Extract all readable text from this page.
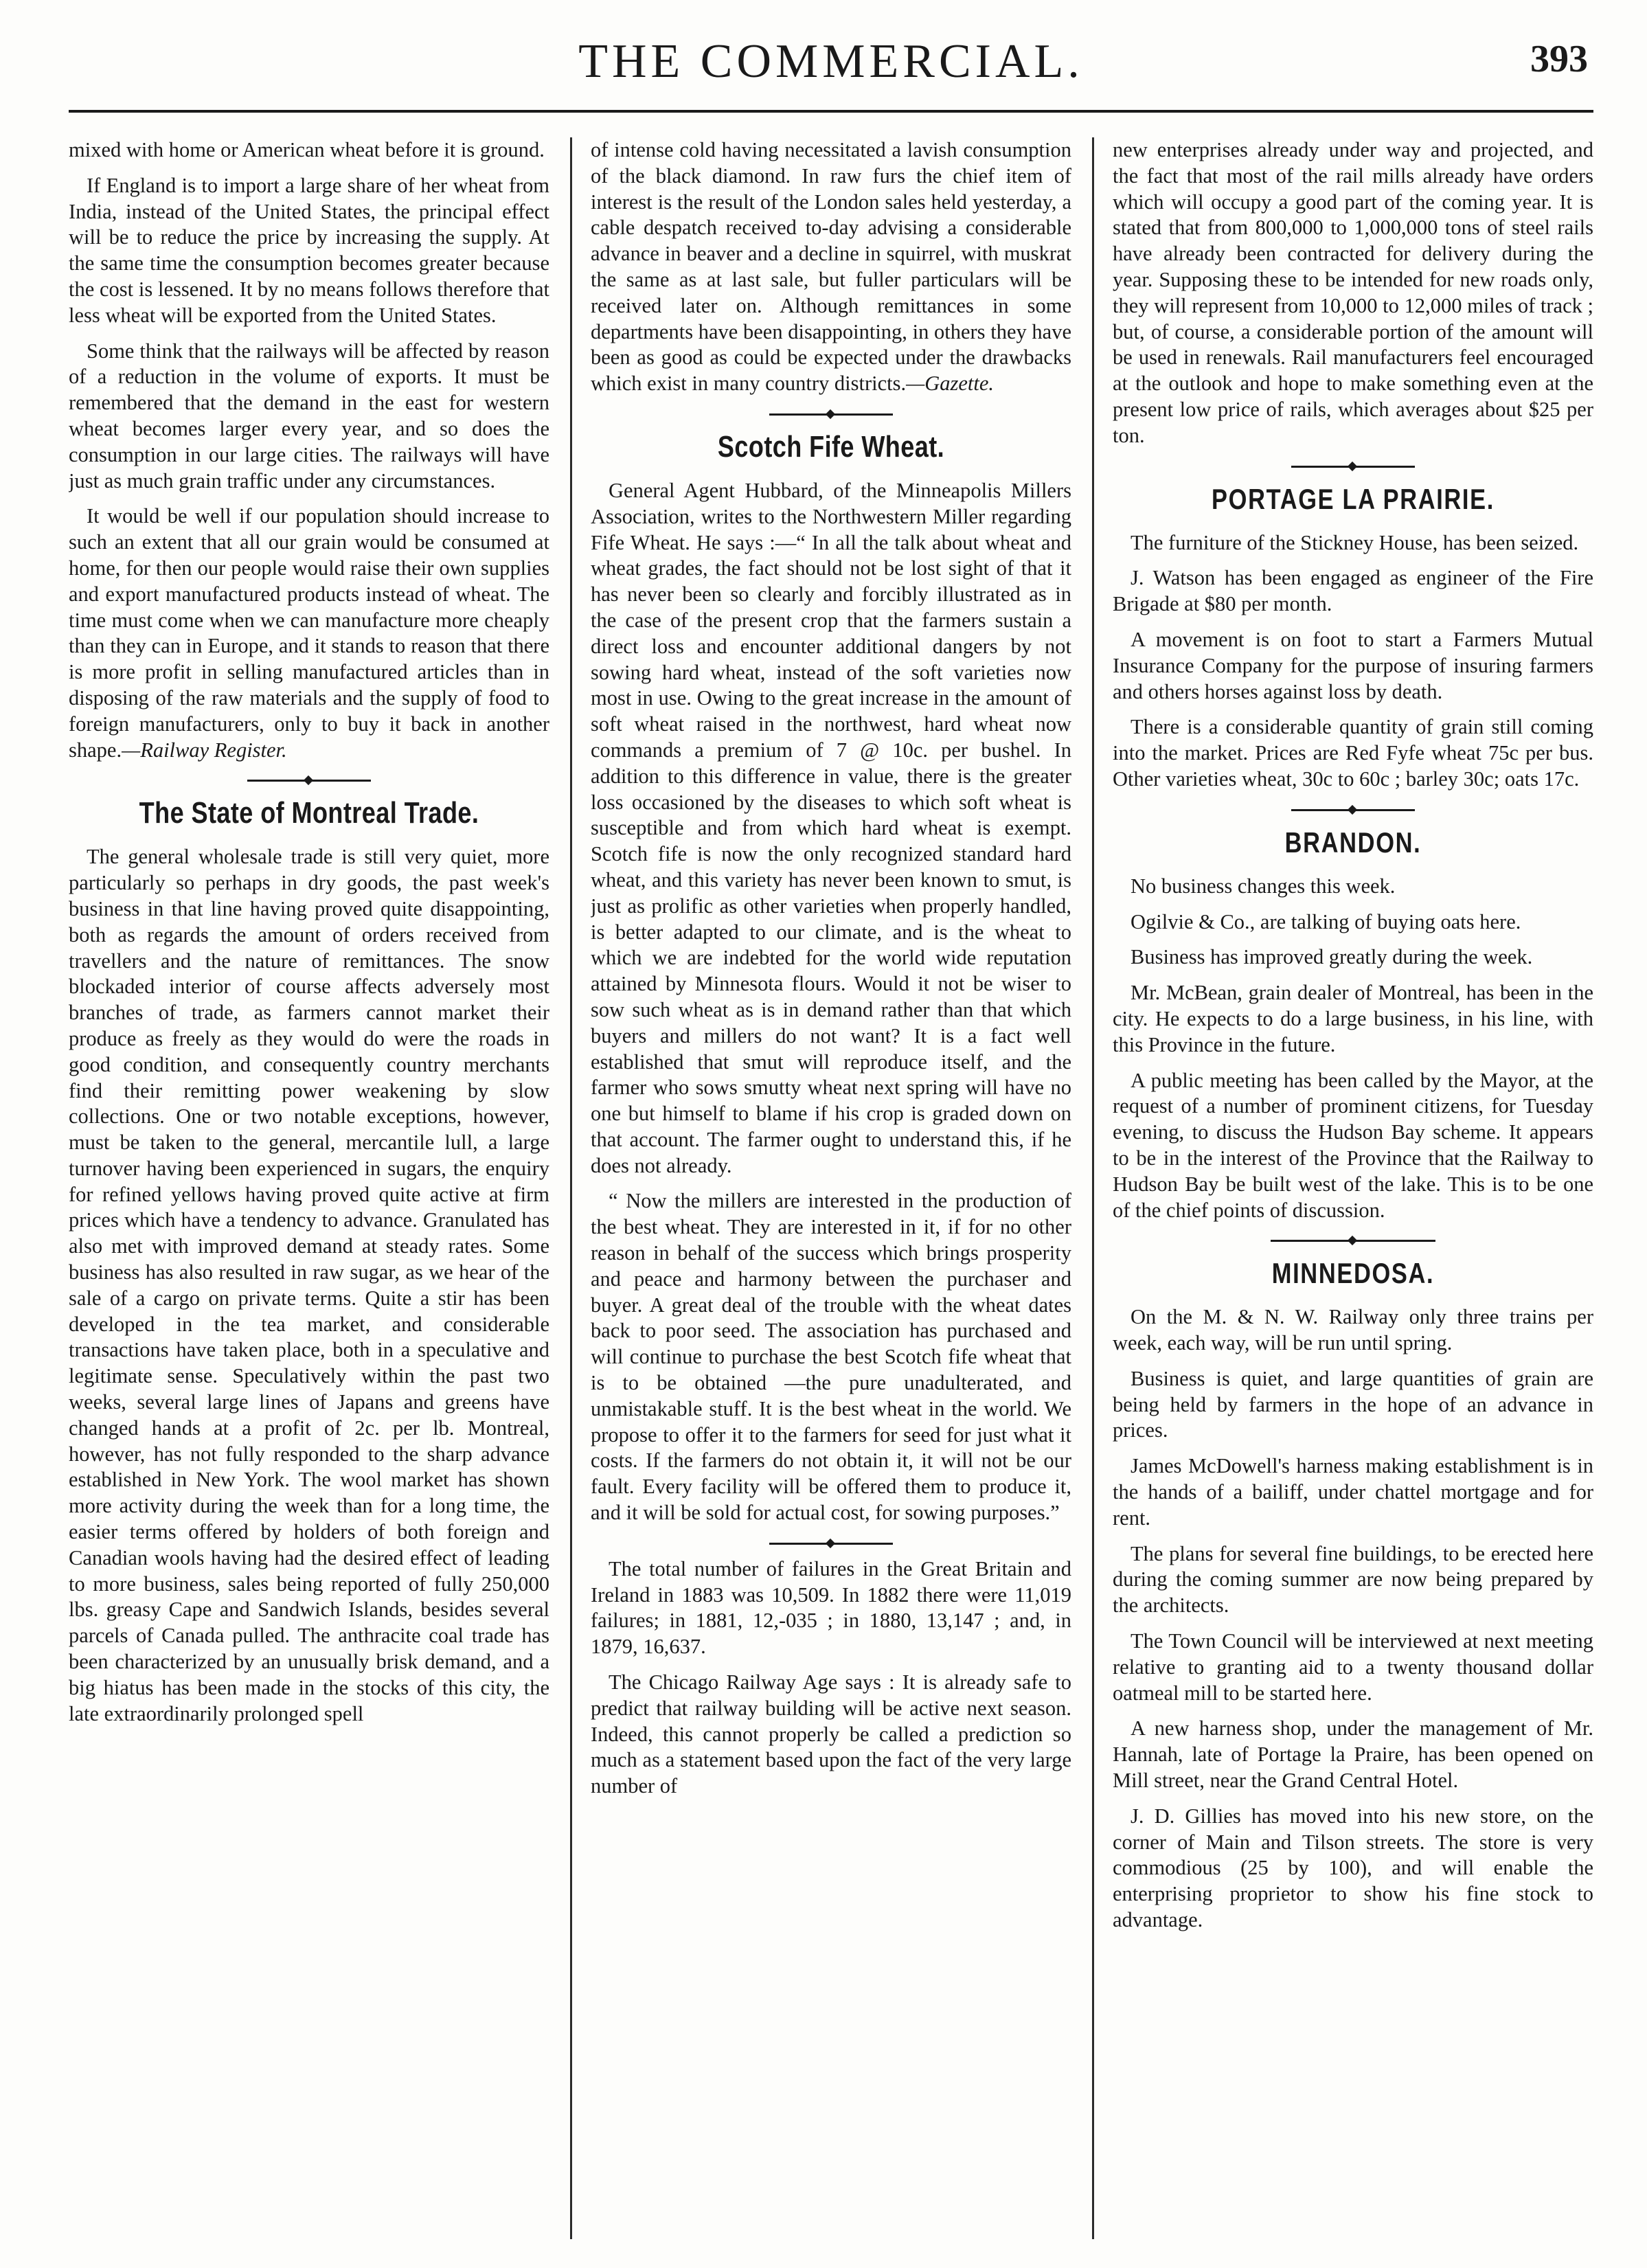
THE COMMERCIAL.	393

mixed with home or American wheat before it is ground.

If England is to import a large share of her wheat from India, instead of the United States, the principal effect will be to reduce the price by increasing the supply. At the same time the consumption becomes greater because the cost is lessened. It by no means follows therefore that less wheat will be exported from the United States.

Some think that the railways will be affected by reason of a reduction in the volume of exports. It must be remembered that the demand in the east for western wheat becomes larger every year, and so does the consumption in our large cities. The railways will have just as much grain traffic under any circumstances.

It would be well if our population should increase to such an extent that all our grain would be consumed at home, for then our people would raise their own supplies and export manufactured products instead of wheat. The time must come when we can manufacture more cheaply than they can in Europe, and it stands to reason that there is more profit in selling manufactured articles than in disposing of the raw materials and the supply of food to foreign manufacturers, only to buy it back in another shape.—Railway Register.

The State of Montreal Trade.

The general wholesale trade is still very quiet, more particularly so perhaps in dry goods, the past week's business in that line having proved quite disappointing, both as regards the amount of orders received from travellers and the nature of remittances. The snow blockaded interior of course affects adversely most branches of trade, as farmers cannot market their produce as freely as they would do were the roads in good condition, and consequently country merchants find their remitting power weakening by slow collections. One or two notable exceptions, however, must be taken to the general, mercantile lull, a large turnover having been experienced in sugars, the enquiry for refined yellows having proved quite active at firm prices which have a tendency to advance. Granulated has also met with improved demand at steady rates. Some business has also resulted in raw sugar, as we hear of the sale of a cargo on private terms. Quite a stir has been developed in the tea market, and considerable transactions have taken place, both in a speculative and legitimate sense. Speculatively within the past two weeks, several large lines of Japans and greens have changed hands at a profit of 2c. per lb. Montreal, however, has not fully responded to the sharp advance established in New York. The wool market has shown more activity during the week than for a long time, the easier terms offered by holders of both foreign and Canadian wools having had the desired effect of leading to more business, sales being reported of fully 250,000 lbs. greasy Cape and Sandwich Islands, besides several parcels of Canada pulled. The anthracite coal trade has been characterized by an unusually brisk demand, and a big hiatus has been made in the stocks of this city, the late extraordinarily prolonged spell

of intense cold having necessitated a lavish consumption of the black diamond. In raw furs the chief item of interest is the result of the London sales held yesterday, a cable despatch received to-day advising a considerable advance in beaver and a decline in squirrel, with muskrat the same as at last sale, but fuller particulars will be received later on. Although remittances in some departments have been disappointing, in others they have been as good as could be expected under the drawbacks which exist in many country districts.—Gazette.

Scotch Fife Wheat.

General Agent Hubbard, of the Minneapolis Millers Association, writes to the Northwestern Miller regarding Fife Wheat. He says :—“ In all the talk about wheat and wheat grades, the fact should not be lost sight of that it has never been so clearly and forcibly illustrated as in the case of the present crop that the farmers sustain a direct loss and encounter additional dangers by not sowing hard wheat, instead of the soft varieties now most in use. Owing to the great increase in the amount of soft wheat raised in the northwest, hard wheat now commands a premium of 7 @ 10c. per bushel. In addition to this difference in value, there is the greater loss occasioned by the diseases to which soft wheat is susceptible and from which hard wheat is exempt. Scotch fife is now the only recognized standard hard wheat, and this variety has never been known to smut, is just as prolific as other varieties when properly handled, is better adapted to our climate, and is the wheat to which we are indebted for the world wide reputation attained by Minnesota flours. Would it not be wiser to sow such wheat as is in demand rather than that which buyers and millers do not want? It is a fact well established that smut will reproduce itself, and the farmer who sows smutty wheat next spring will have no one but himself to blame if his crop is graded down on that account. The farmer ought to understand this, if he does not already.

“ Now the millers are interested in the production of the best wheat. They are interested in it, if for no other reason in behalf of the success which brings prosperity and peace and harmony between the purchaser and buyer. A great deal of the trouble with the wheat dates back to poor seed. The association has purchased and will continue to purchase the best Scotch fife wheat that is to be obtained —the pure unadulterated, and unmistakable stuff. It is the best wheat in the world. We propose to offer it to the farmers for seed for just what it costs. If the farmers do not obtain it, it will not be our fault. Every facility will be offered them to produce it, and it will be sold for actual cost, for sowing purposes.”

The total number of failures in the Great Britain and Ireland in 1883 was 10,509. In 1882 there were 11,019 failures; in 1881, 12,-035 ; in 1880, 13,147 ; and, in 1879, 16,637.

The Chicago Railway Age says : It is already safe to predict that railway building will be active next season. Indeed, this cannot properly be called a prediction so much as a statement based upon the fact of the very large number of

new enterprises already under way and projected, and the fact that most of the rail mills already have orders which will occupy a good part of the coming year. It is stated that from 800,000 to 1,000,000 tons of steel rails have already been contracted for delivery during the year. Supposing these to be intended for new roads only, they will represent from 10,000 to 12,000 miles of track ; but, of course, a considerable portion of the amount will be used in renewals. Rail manufacturers feel encouraged at the outlook and hope to make something even at the present low price of rails, which averages about $25 per ton.

PORTAGE LA PRAIRIE.

The furniture of the Stickney House, has been seized.

J. Watson has been engaged as engineer of the Fire Brigade at $80 per month.

A movement is on foot to start a Farmers Mutual Insurance Company for the purpose of insuring farmers and others horses against loss by death.

There is a considerable quantity of grain still coming into the market. Prices are Red Fyfe wheat 75c per bus. Other varieties wheat, 30c to 60c ; barley 30c; oats 17c.

BRANDON.

No business changes this week.

Ogilvie & Co., are talking of buying oats here.

Business has improved greatly during the week.

Mr. McBean, grain dealer of Montreal, has been in the city. He expects to do a large business, in his line, with this Province in the future.

A public meeting has been called by the Mayor, at the request of a number of prominent citizens, for Tuesday evening, to discuss the Hudson Bay scheme. It appears to be in the interest of the Province that the Railway to Hudson Bay be built west of the lake. This is to be one of the chief points of discussion.

MINNEDOSA.

On the M. & N. W. Railway only three trains per week, each way, will be run until spring.

Business is quiet, and large quantities of grain are being held by farmers in the hope of an advance in prices.

James McDowell's harness making establishment is in the hands of a bailiff, under chattel mortgage and for rent.

The plans for several fine buildings, to be erected here during the coming summer are now being prepared by the architects.

The Town Council will be interviewed at next meeting relative to granting aid to a twenty thousand dollar oatmeal mill to be started here.

A new harness shop, under the management of Mr. Hannah, late of Portage la Praire, has been opened on Mill street, near the Grand Central Hotel.

J. D. Gillies has moved into his new store, on the corner of Main and Tilson streets. The store is very commodious (25 by 100), and will enable the enterprising proprietor to show his fine stock to advantage.
